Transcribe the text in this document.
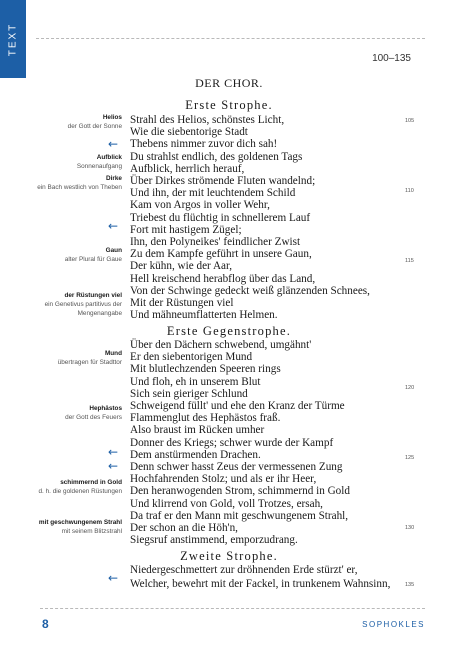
TEXT
100–135
DER CHOR.
Erste Strophe.
Erste Gegenstrophe.
Zweite Strophe.
Strahl des Helios, schönstes Licht,
Wie die siebentorige Stadt
Thebens nimmer zuvor dich sah!
Du strahlst endlich, des goldenen Tags
Aufblick, herrlich herauf,
Über Dirkes strömende Fluten wandelnd;
Und ihn, der mit leuchtendem Schild
Kam von Argos in voller Wehr,
Triebest du flüchtig in schnellerem Lauf
Fort mit hastigem Zügel;
Ihn, den Polyneikes' feindlicher Zwist
Zu dem Kampfe geführt in unsere Gaun,
Der kühn, wie der Aar,
Hell kreischend herabflog über das Land,
Von der Schwinge gedeckt weiß glänzenden Schnees,
Über den Dächern schwebend, umgähnt'
Er den siebentorigen Mund
Mit blutlechzenden Speeren rings
Und floh, eh in unserem Blut
Sich sein gieriger Schlund
Schweigend füllt' und ehe den Kranz der Türme
Flammenglut des Hephästos fraß.
Also braust im Rücken umher
Donner des Kriegs; schwer wurde der Kampf
Dem anstürmenden Drachen.
Denn schwer hasst Zeus der vermessenen Zung
Hochfahrenden Stolz; und als er ihr Heer,
Den heranwogenden Strom, schimmernd in Gold
Und klirrend von Gold, voll Trotzes, ersah,
Da traf er den Mann mit geschwungenem Strahl,
Niedergeschmettert zur dröhnenden Erde stürzt' er,
Welcher, bewehrt mit der Fackel, in trunkenem Wahnsinn,
105
110
115
120
125
130
135
Helios
der Gott der Sonne
Aufblick
Sonnenaufgang
Dirke
ein Bach westlich von Theben
Gaun
alter Plural für Gaue
der Rüstungen viel
ein Genetivus partitivus der Mengenangabe
Mund
übertragen für Stadttor
Hephästos
der Gott des Feuers
schimmernd in Gold
d. h. die goldenen Rüstungen
mit geschwungenem Strahl
mit seinem Blitzstrahl
←
←
←
←
←
8	SOPHOKLES
Mit der Rüstungen viel
Und mähneumflatterten Helmen.
Der schon an die Höh'n,
Siegsruf anstimmend, emporzudrang.
